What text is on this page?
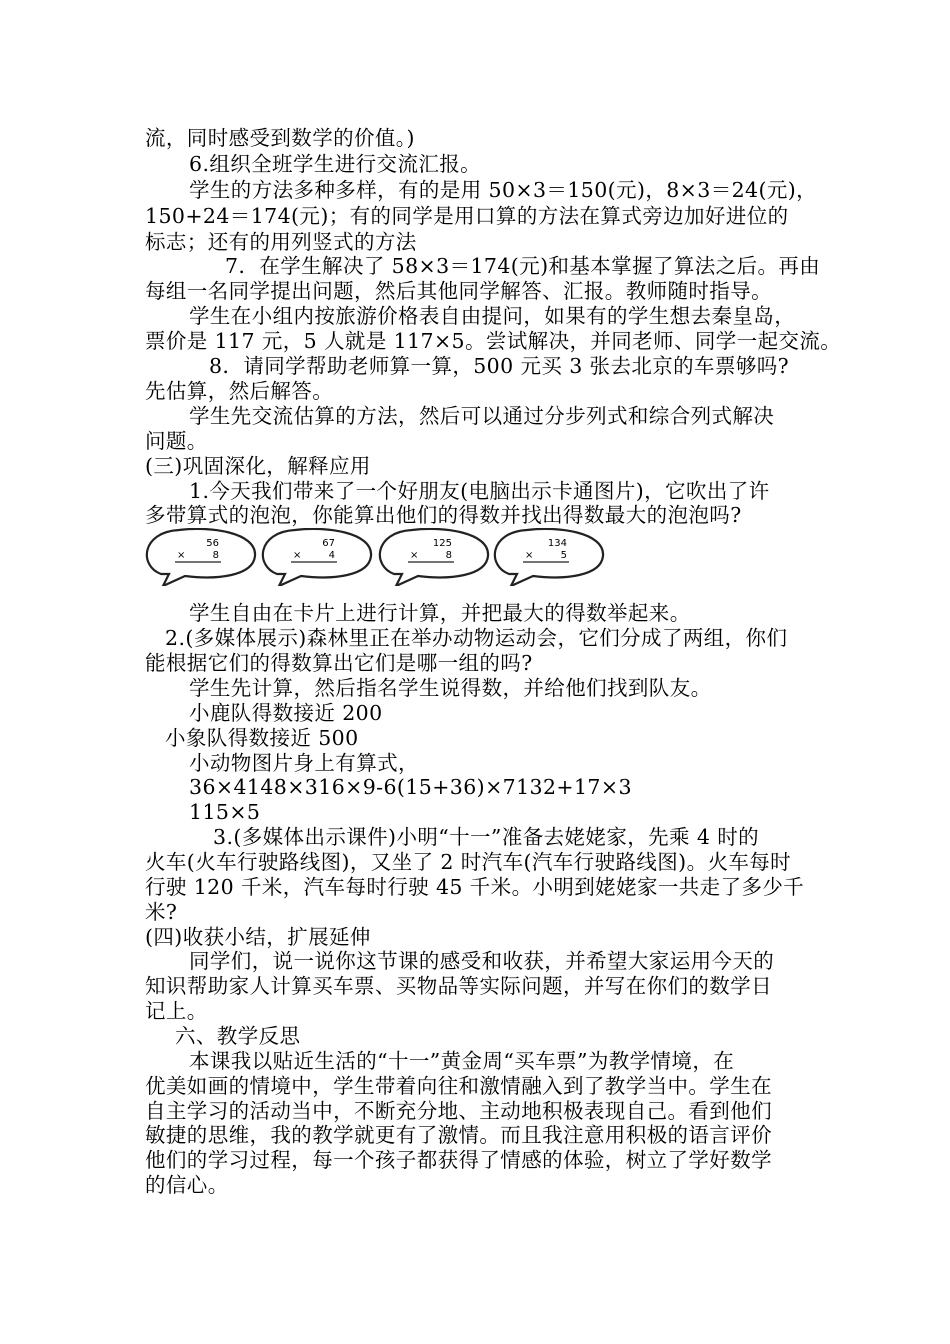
流，同时感受到数学的价值。)
6.组织全班学生进行交流汇报。
学生的方法多种多样，有的是用 50×3＝150(元)，8×3＝24(元)，
150+24＝174(元)；有的同学是用口算的方法在算式旁边加好进位的
标志；还有的用列竖式的方法
7．在学生解决了 58×3＝174(元)和基本掌握了算法之后。再由
每组一名同学提出问题，然后其他同学解答、汇报。教师随时指导。
学生在小组内按旅游价格表自由提问，如果有的学生想去秦皇岛，
票价是 117 元，5 人就是 117×5。尝试解决，并同老师、同学一起交流。
8．请同学帮助老师算一算，500 元买 3 张去北京的车票够吗?
先估算，然后解答。
学生先交流估算的方法，然后可以通过分步列式和综合列式解决
问题。
(三)巩固深化，解释应用
1.今天我们带来了一个好朋友(电脑出示卡通图片)，它吹出了许
多带算式的泡泡，你能算出他们的得数并找出得数最大的泡泡吗?
56
×	8
67
×	4
125
×	8
134
×	5
学生自由在卡片上进行计算，并把最大的得数举起来。
2.(多媒体展示)森林里正在举办动物运动会，它们分成了两组，你们
能根据它们的得数算出它们是哪一组的吗?
学生先计算，然后指名学生说得数，并给他们找到队友。
小鹿队得数接近 200
小象队得数接近 500
小动物图片身上有算式，
36×4148×316×9-6(15+36)×7132+17×3
115×5
3.(多媒体出示课件)小明“十一”准备去姥姥家，先乘 4 时的
火车(火车行驶路线图)，又坐了 2 时汽车(汽车行驶路线图)。火车每时
行驶 120 千米，汽车每时行驶 45 千米。小明到姥姥家一共走了多少千
米?
(四)收获小结，扩展延伸
同学们，说一说你这节课的感受和收获，并希望大家运用今天的
知识帮助家人计算买车票、买物品等实际问题，并写在你们的数学日
记上。
六、教学反思
本课我以贴近生活的“十一”黄金周“买车票”为教学情境，在
优美如画的情境中，学生带着向往和激情融入到了教学当中。学生在
自主学习的活动当中，不断充分地、主动地积极表现自己。看到他们
敏捷的思维，我的教学就更有了激情。而且我注意用积极的语言评价
他们的学习过程，每一个孩子都获得了情感的体验，树立了学好数学
的信心。
